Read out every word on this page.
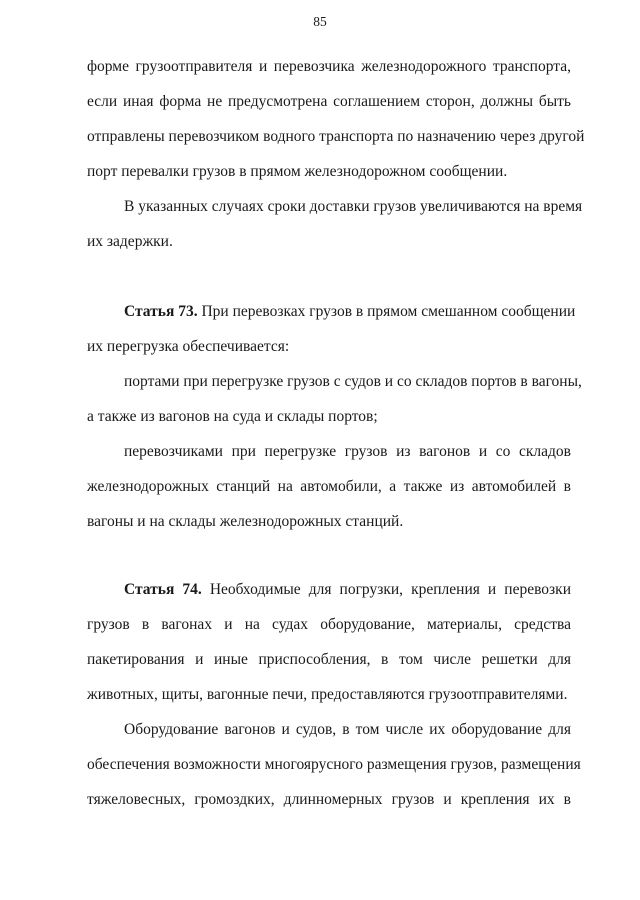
85
форме грузоотправителя и перевозчика железнодорожного транспорта,
если иная форма не предусмотрена соглашением сторон, должны быть
отправлены перевозчиком водного транспорта по назначению через другой
порт перевалки грузов в прямом железнодорожном сообщении.
В указанных случаях сроки доставки грузов увеличиваются на время
их задержки.
Статья 73. При перевозках грузов в прямом смешанном сообщении
их перегрузка обеспечивается:
портами при перегрузке грузов с судов и со складов портов в вагоны,
а также из вагонов на суда и склады портов;
перевозчиками при перегрузке грузов из вагонов и со складов
железнодорожных станций на автомобили, а также из автомобилей в
вагоны и на склады железнодорожных станций.
Статья 74. Необходимые для погрузки, крепления и перевозки
грузов в вагонах и на судах оборудование, материалы, средства
пакетирования и иные приспособления, в том числе решетки для
животных, щиты, вагонные печи, предоставляются грузоотправителями.
Оборудование вагонов и судов, в том числе их оборудование для
обеспечения возможности многоярусного размещения грузов, размещения
тяжеловесных, громоздких, длинномерных грузов и крепления их в
